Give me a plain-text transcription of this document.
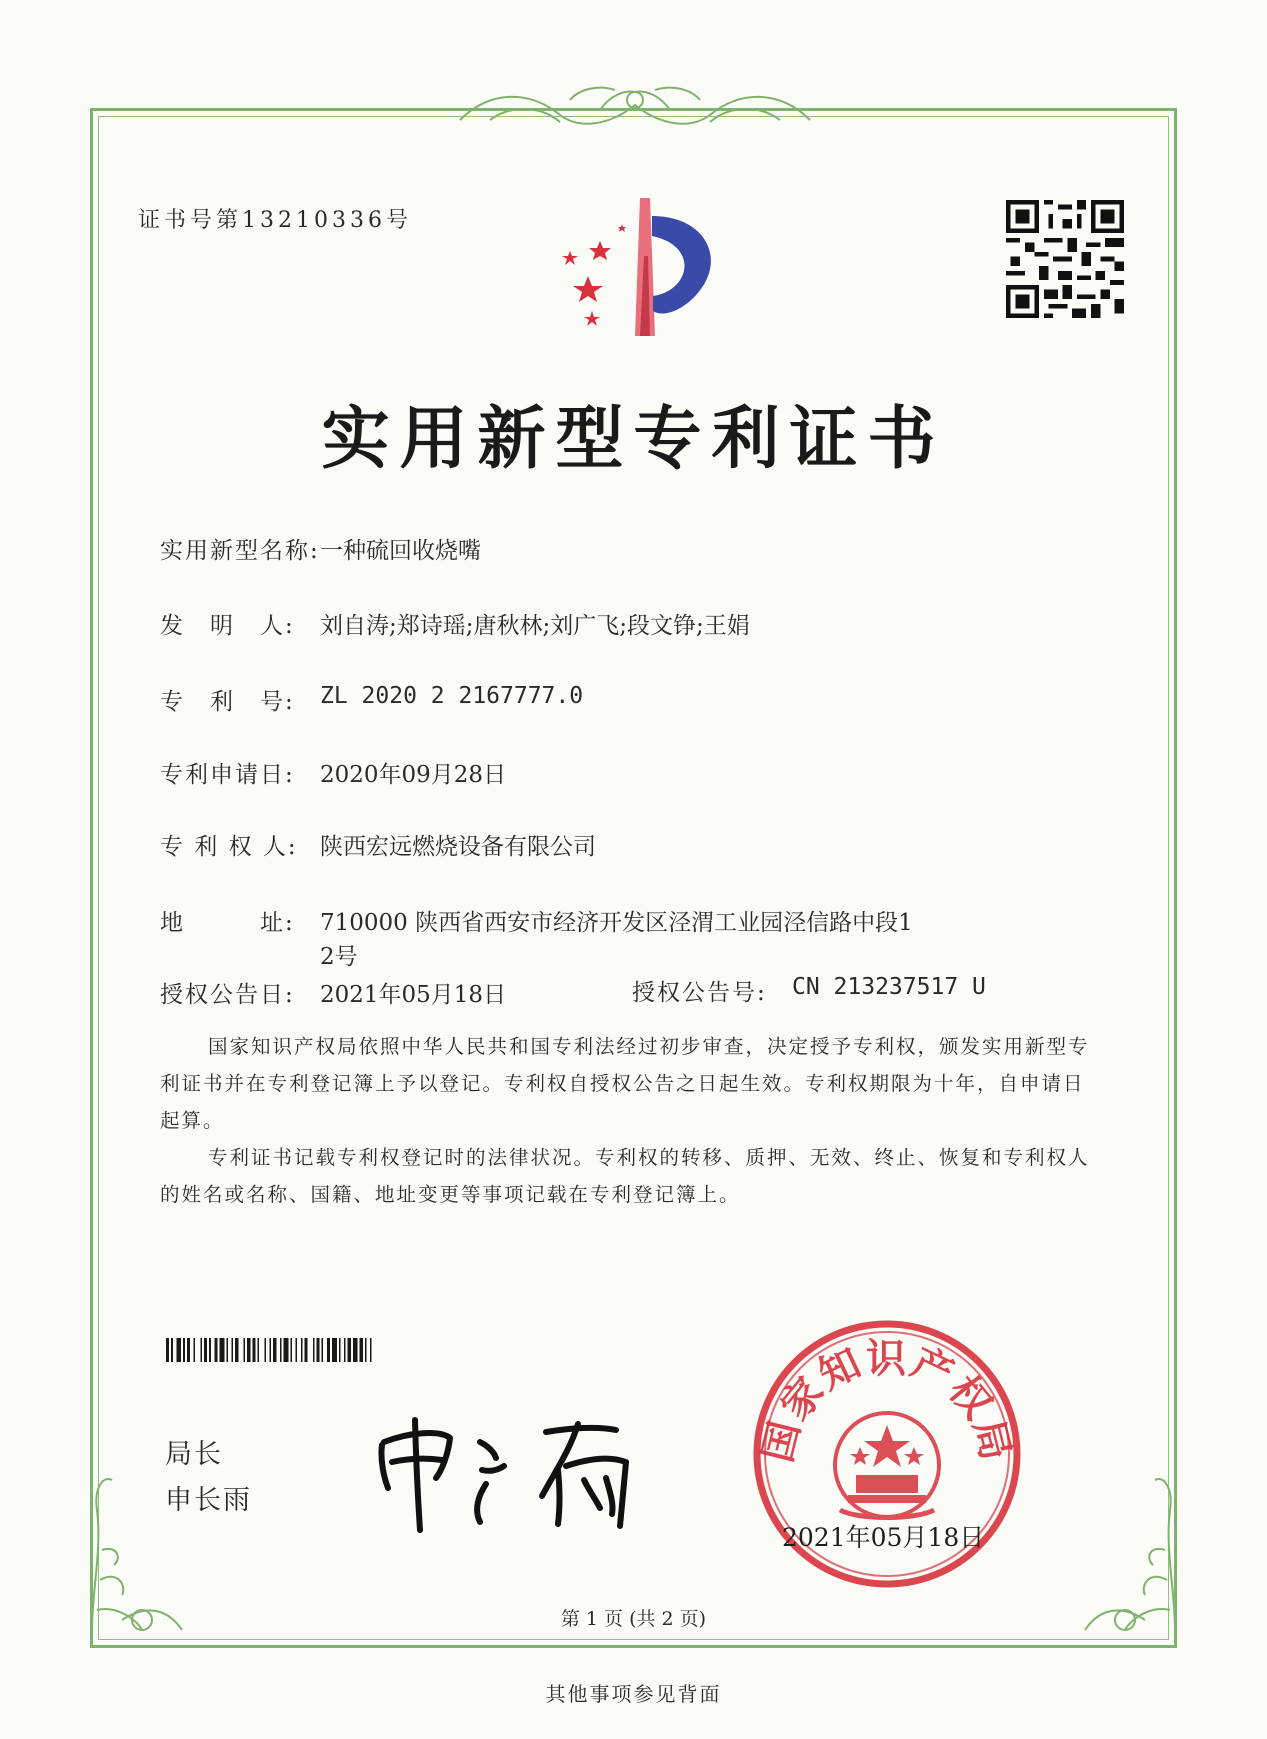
证书号第13210336号
实用新型专利证书
实用新型名称: 一种硫回收烧嘴
发　明　人: 刘自涛;郑诗瑶;唐秋林;刘广飞;段文铮;王娟
专　利　号: ZL 2020 2 2167777.0
专利申请日: 2020年09月28日
专 利 权 人: 陕西宏远燃烧设备有限公司
地　　　址: 710000 陕西省西安市经济开发区泾渭工业园泾信路中段1
2号
授权公告日: 2021年05月18日	授权公告号: CN 213237517 U

国家知识产权局依照中华人民共和国专利法经过初步审查，决定授予专利权，颁发实用新型专利证书并在专利登记簿上予以登记。专利权自授权公告之日起生效。专利权期限为十年，自申请日起算。

专利证书记载专利权登记时的法律状况。专利权的转移、质押、无效、终止、恢复和专利权人的姓名或名称、国籍、地址变更等事项记载在专利登记簿上。

局长
申长雨
国家知识产权局
2021年05月18日
第 1 页 (共 2 页)
其他事项参见背面
